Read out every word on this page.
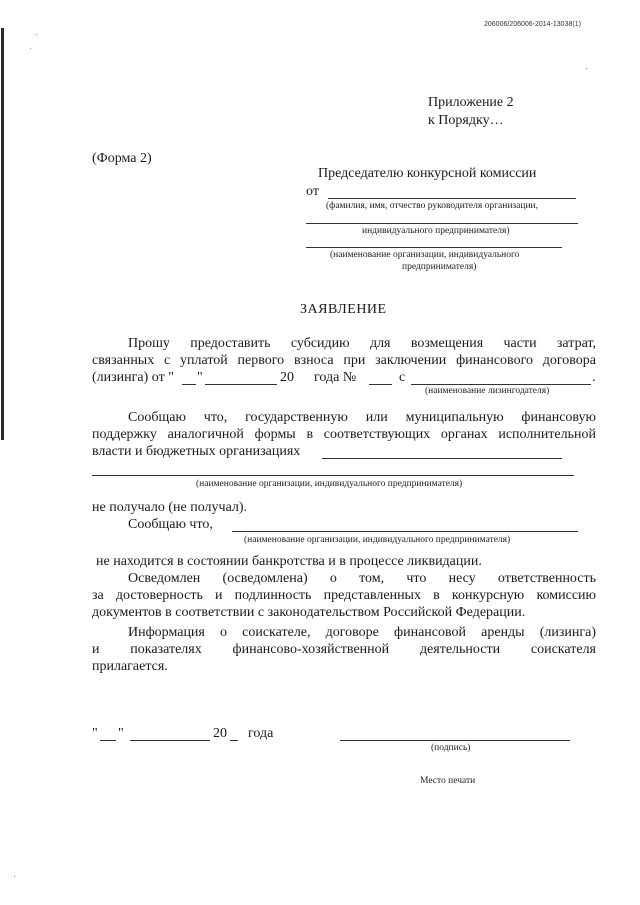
206006/206006-2014-13038(1)
Приложение 2
к Порядку…
(Форма 2)
Председателю конкурсной комиссии
от
(фамилия, имя, отчество руководителя организации,
индивидуального предпринимателя)
(наименование организации, индивидуального
предпринимателя)
ЗАЯВЛЕНИЕ
Прошу предоставить субсидию для возмещения части затрат,
связанных с уплатой первого взноса при заключении финансового договора
(лизинга) от " "	20 года №	с	.
(наименование лизингодателя)
Сообщаю что, государственную или муниципальную финансовую
поддержку аналогичной формы в соответствующих органах исполнительной
власти и бюджетных организациях
(наименование организации, индивидуального предпринимателя)
не получало (не получал).
Сообщаю что,
(наименование организации, индивидуального предпринимателя)
не находится в состоянии банкротства и в процессе ликвидации.
Осведомлен (осведомлена) о том, что несу ответственность
за достоверность и подлинность представленных в конкурсную комиссию
документов в соответствии с законодательством Российской Федерации.
Информация о соискателе, договоре финансовой аренды (лизинга)
и показателях финансово-хозяйственной деятельности соискателя
прилагается.
" "	20 года
(подпись)
Место печати
